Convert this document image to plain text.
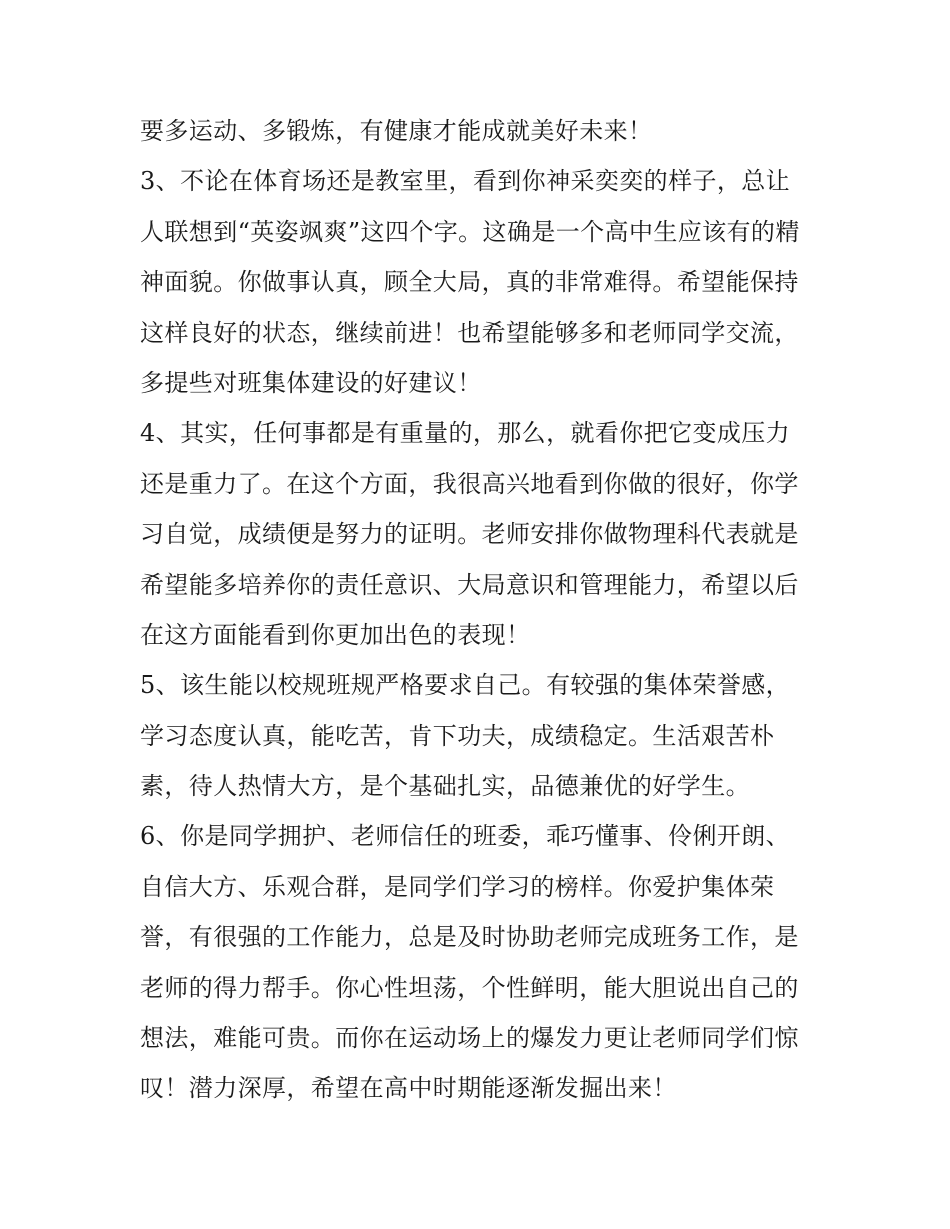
要多运动、多锻炼，有健康才能成就美好未来！
3、不论在体育场还是教室里，看到你神采奕奕的样子，总让
人联想到“英姿飒爽”这四个字。这确是一个高中生应该有的精
神面貌。你做事认真，顾全大局，真的非常难得。希望能保持
这样良好的状态，继续前进！也希望能够多和老师同学交流，
多提些对班集体建设的好建议！
4、其实，任何事都是有重量的，那么，就看你把它变成压力
还是重力了。在这个方面，我很高兴地看到你做的很好，你学
习自觉，成绩便是努力的证明。老师安排你做物理科代表就是
希望能多培养你的责任意识、大局意识和管理能力，希望以后
在这方面能看到你更加出色的表现！
5、该生能以校规班规严格要求自己。有较强的集体荣誉感，
学习态度认真，能吃苦，肯下功夫，成绩稳定。生活艰苦朴
素，待人热情大方，是个基础扎实，品德兼优的好学生。
6、你是同学拥护、老师信任的班委，乖巧懂事、伶俐开朗、
自信大方、乐观合群，是同学们学习的榜样。你爱护集体荣
誉，有很强的工作能力，总是及时协助老师完成班务工作，是
老师的得力帮手。你心性坦荡，个性鲜明，能大胆说出自己的
想法，难能可贵。而你在运动场上的爆发力更让老师同学们惊
叹！潜力深厚，希望在高中时期能逐渐发掘出来！
